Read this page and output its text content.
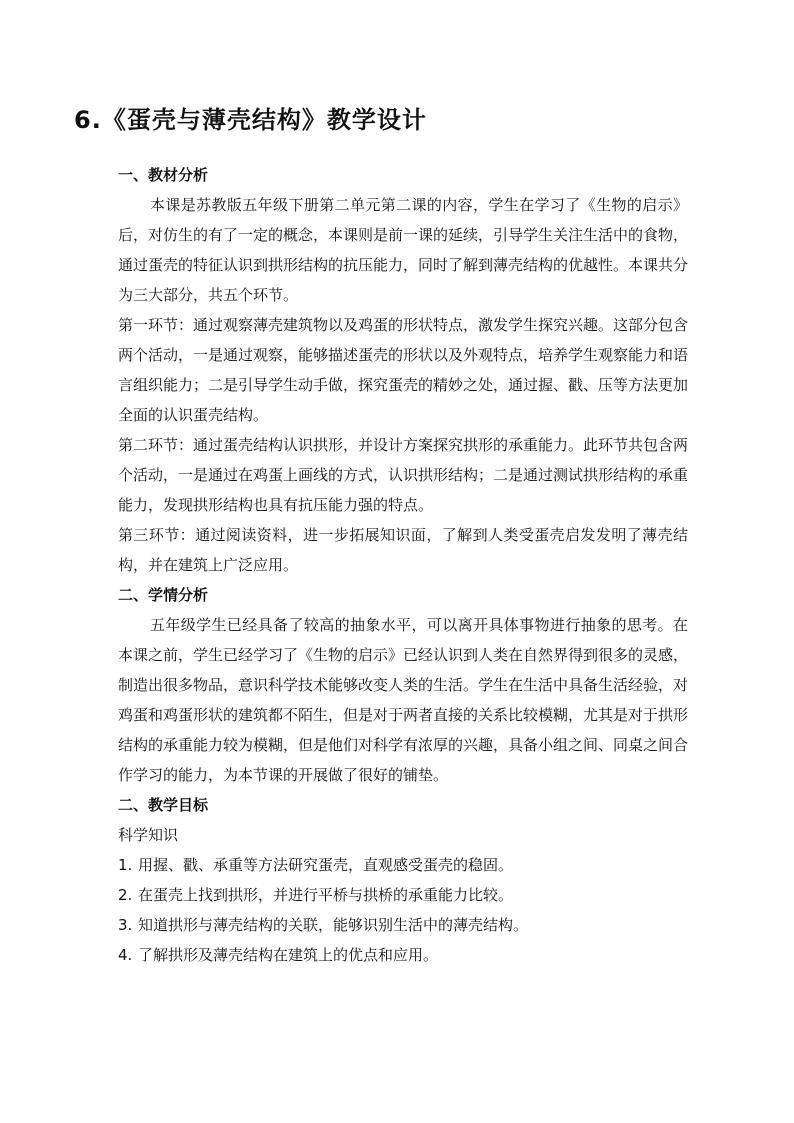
6.《蛋壳与薄壳结构》教学设计

一、教材分析

本课是苏教版五年级下册第二单元第二课的内容，学生在学习了《生物的启示》后，对仿生的有了一定的概念，本课则是前一课的延续，引导学生关注生活中的食物，通过蛋壳的特征认识到拱形结构的抗压能力，同时了解到薄壳结构的优越性。本课共分为三大部分，共五个环节。

第一环节：通过观察薄壳建筑物以及鸡蛋的形状特点，激发学生探究兴趣。这部分包含两个活动，一是通过观察，能够描述蛋壳的形状以及外观特点，培养学生观察能力和语言组织能力；二是引导学生动手做，探究蛋壳的精妙之处，通过握、戳、压等方法更加全面的认识蛋壳结构。

第二环节：通过蛋壳结构认识拱形，并设计方案探究拱形的承重能力。此环节共包含两个活动，一是通过在鸡蛋上画线的方式，认识拱形结构；二是通过测试拱形结构的承重能力，发现拱形结构也具有抗压能力强的特点。

第三环节：通过阅读资料，进一步拓展知识面，了解到人类受蛋壳启发发明了薄壳结构，并在建筑上广泛应用。

二、学情分析

五年级学生已经具备了较高的抽象水平，可以离开具体事物进行抽象的思考。在本课之前，学生已经学习了《生物的启示》已经认识到人类在自然界得到很多的灵感，制造出很多物品，意识科学技术能够改变人类的生活。学生在生活中具备生活经验，对鸡蛋和鸡蛋形状的建筑都不陌生，但是对于两者直接的关系比较模糊，尤其是对于拱形结构的承重能力较为模糊，但是他们对科学有浓厚的兴趣，具备小组之间、同桌之间合作学习的能力，为本节课的开展做了很好的铺垫。

二、教学目标

科学知识

1. 用握、戳、承重等方法研究蛋壳，直观感受蛋壳的稳固。

2. 在蛋壳上找到拱形，并进行平桥与拱桥的承重能力比较。

3. 知道拱形与薄壳结构的关联，能够识别生活中的薄壳结构。

4. 了解拱形及薄壳结构在建筑上的优点和应用。
